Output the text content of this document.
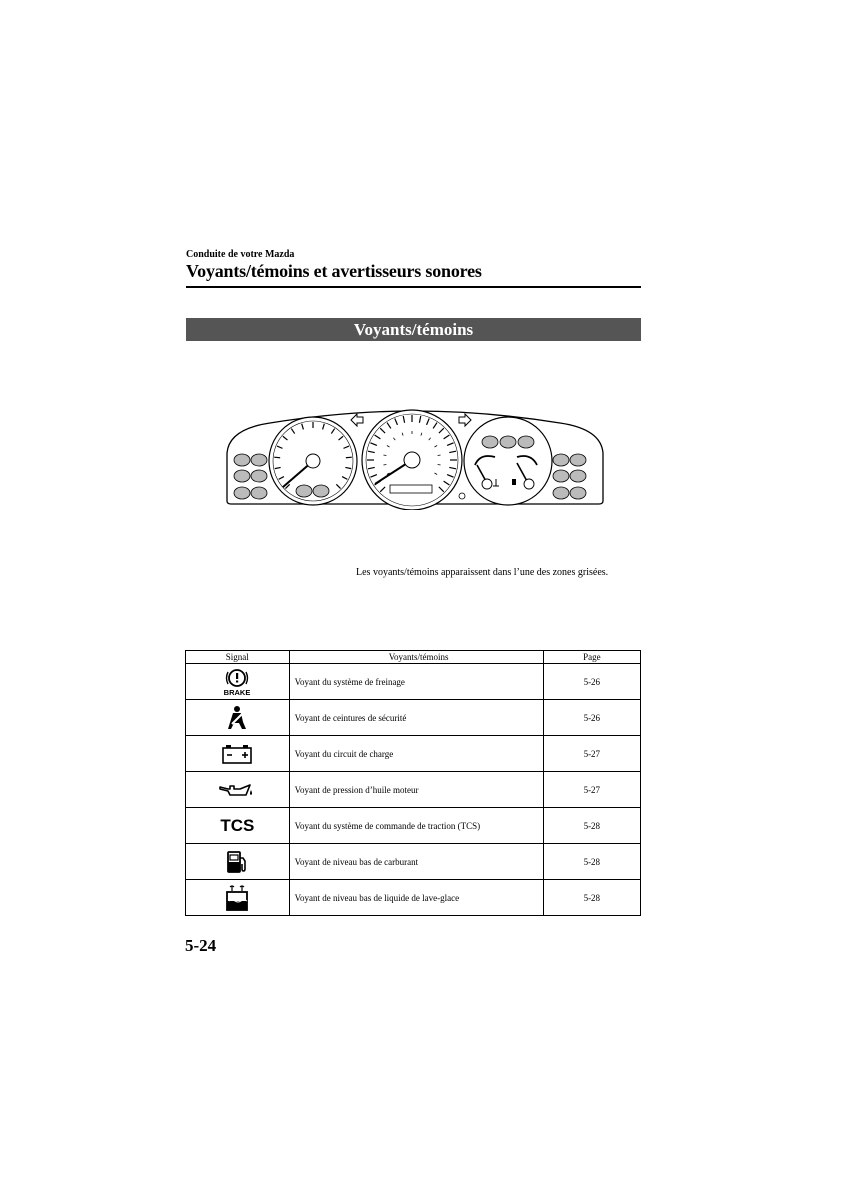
Conduite de votre Mazda
Voyants/témoins et avertisseurs sonores
Voyants/témoins
Les voyants/témoins apparaissent dans l’une des zones grisées.
Signal	Voyants/témoins	Page

BRAKE	Voyant du système de freinage	5-26

	Voyant de ceintures de sécurité	5-26

	Voyant du circuit de charge	5-27

	Voyant de pression d’huile moteur	5-27
TCS	Voyant du système de commande de traction (TCS)	5-28

	Voyant de niveau bas de carburant	5-28

	Voyant de niveau bas de liquide de lave-glace	5-28
5-24
